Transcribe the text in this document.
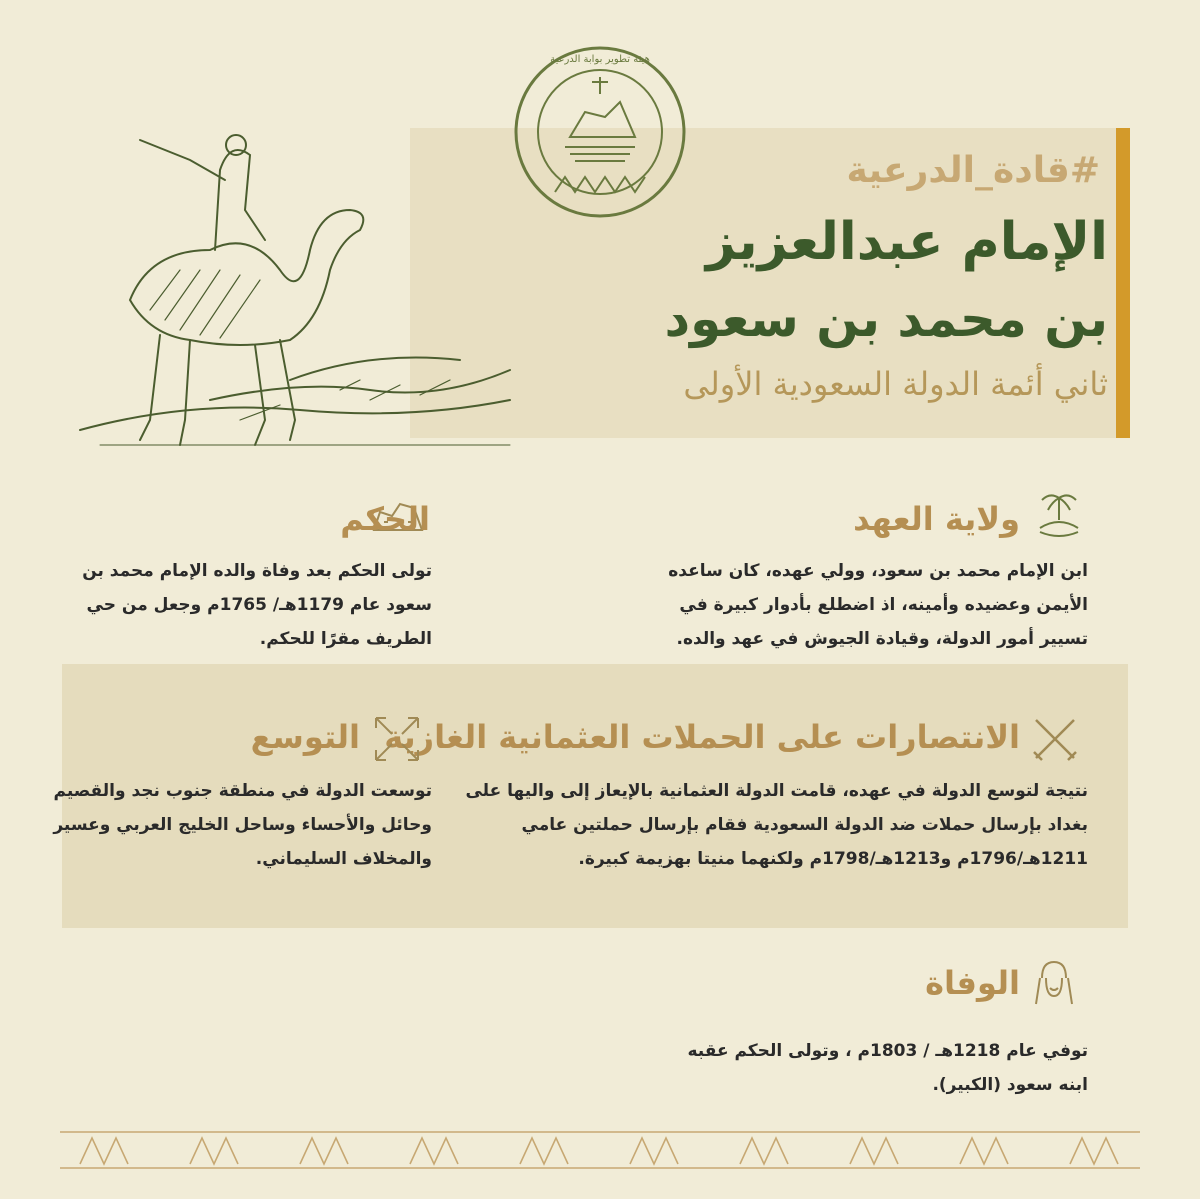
هيئة تطوير بوابة الدرعية
#قادة_الدرعية
الإمام عبدالعزيز
بن محمد بن سعود
ثاني أئمة الدولة السعودية الأولى
ولاية العهد
ابن الإمام محمد بن سعود، وولي عهده، كان ساعده الأيمن وعضيده وأمينه، اذ اضطلع بأدوار كبيرة في تسيير أمور الدولة، وقيادة الجيوش في عهد والده.
الحكم
تولى الحكم بعد وفاة والده الإمام محمد بن سعود عام 1179هـ/ 1765م وجعل من حي الطريف مقرًا للحكم.
الانتصارات على الحملات العثمانية الغازية
نتيجة لتوسع الدولة في عهده، قامت الدولة العثمانية بالإيعاز إلى واليها على بغداد بإرسال حملات ضد الدولة السعودية فقام بإرسال حملتين عامي 1211هـ/1796م و1213هـ/1798م ولكنهما منيتا بهزيمة كبيرة.
التوسع
توسعت الدولة في منطقة جنوب نجد والقصيم وحائل والأحساء وساحل الخليج العربي وعسير والمخلاف السليماني.
الوفاة
توفي عام 1218هـ / 1803م ، وتولى الحكم عقبه ابنه سعود (الكبير).
